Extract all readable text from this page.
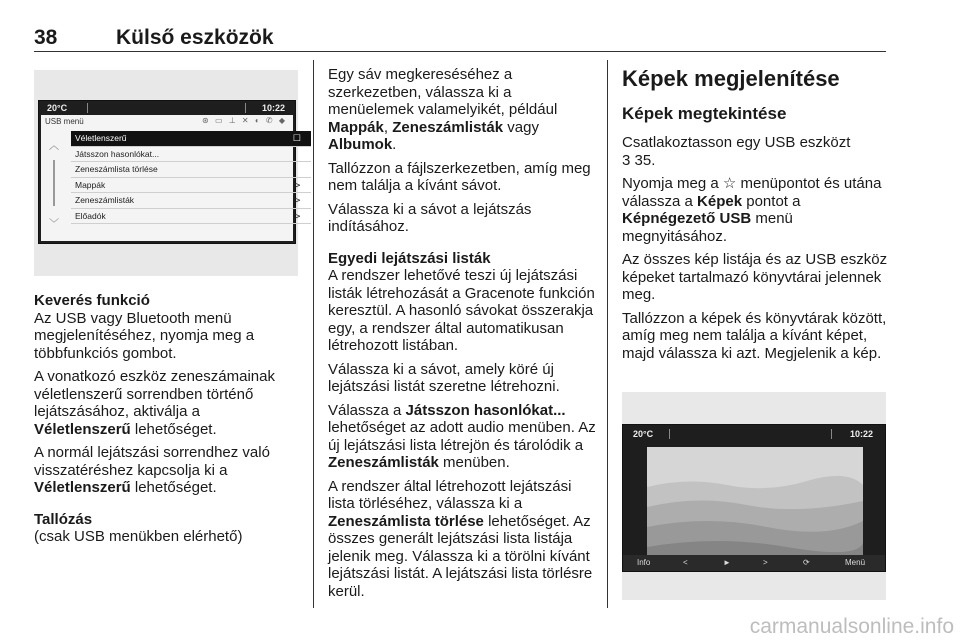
38	Külső eszközök
20°C	10:22
USB menü	⊛ ▭ ⊥ ✕ ◐ ✆ ◆
︿
﹀
Véletlenszerű	☐
Játsszon hasonlókat...
Zeneszámlista törlése
Mappák	⊳
Zeneszámlisták	⊳
Előadók	⊳

Keverés funkció

Az USB vagy Bluetooth menü megjelenítéséhez, nyomja meg a többfunkciós gombot.

A vonatkozó eszköz zeneszámainak véletlenszerű sorrendben történő lejátszásához, aktiválja a Véletlenszerű lehetőséget.

A normál lejátszási sorrendhez való visszatéréshez kapcsolja ki a Véletlenszerű lehetőséget.

Tallózás

(csak USB menükben elérhető)

Egy sáv megkereséséhez a szerkezetben, válassza ki a menüelemek valamelyikét, például Mappák, Zeneszámlisták vagy Albumok.

Tallózzon a fájlszerkezetben, amíg meg nem találja a kívánt sávot.

Válassza ki a sávot a lejátszás indításához.

Egyedi lejátszási listák

A rendszer lehetővé teszi új lejátszási listák létrehozását a Gracenote funkción keresztül. A hasonló sávokat összerakja egy, a rendszer által automatikusan létrehozott listában.

Válassza ki a sávot, amely köré új lejátszási listát szeretne létrehozni.

Válassza a Játsszon hasonlókat... lehetőséget az adott audio menüben. Az új lejátszási lista létrejön és tárolódik a Zeneszámlisták menüben.

A rendszer által létrehozott lejátszási lista törléséhez, válassza ki a Zeneszámlista törlése lehetőséget. Az összes generált lejátszási lista listája jelenik meg. Válassza ki a törölni kívánt lejátszási listát. A lejátszási lista törlésre kerül.

Képek megjelenítése
Képek megtekintése

Csatlakoztasson egy USB eszközt

3 35.

Nyomja meg a ☆ menüpontot és utána válassza a Képek pontot a Képnégezető USB menü megnyitásához.

Az összes kép listája és az USB eszköz képeket tartalmazó könyvtárai jelennek meg.

Tallózzon a képek és könyvtárak között, amíg meg nem találja a kívánt képet, majd válassza ki azt. Megjelenik a kép.

20°C	10:22
Info	<	►	>	⟳	Menü
carmanualsonline.info
